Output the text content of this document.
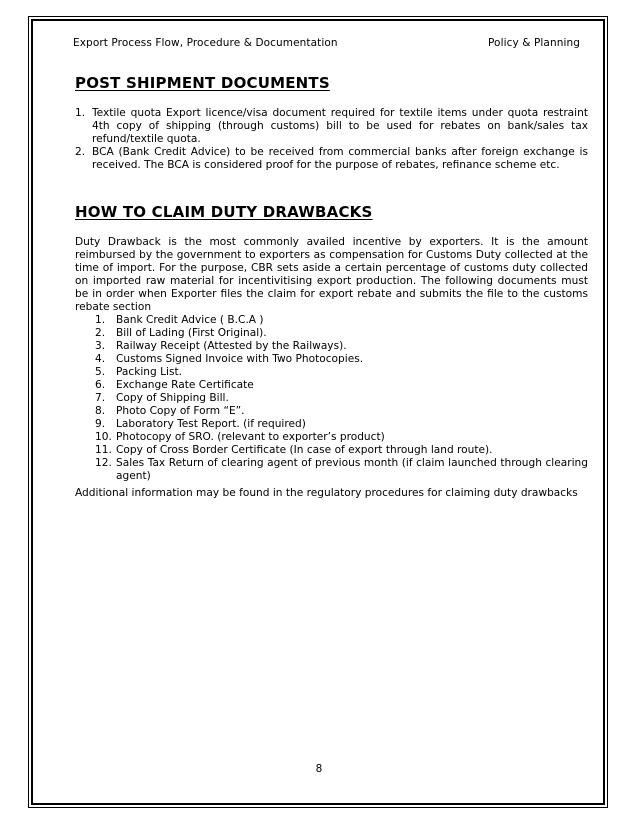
Export Process Flow, Procedure & Documentation	Policy & Planning
POST SHIPMENT DOCUMENTS
1. Textile quota Export licence/visa document required for textile items under quota restraint 4th copy of shipping (through customs) bill to be used for rebates on bank/sales tax refund/textile quota.
2. BCA (Bank Credit Advice) to be received from commercial banks after foreign exchange is received. The BCA is considered proof for the purpose of rebates, refinance scheme etc.
HOW TO CLAIM DUTY DRAWBACKS
Duty Drawback is the most commonly availed incentive by exporters. It is the amount reimbursed by the government to exporters as compensation for Customs Duty collected at the time of import. For the purpose, CBR sets aside a certain percentage of customs duty collected on imported raw material for incentivitising export production. The following documents must be in order when Exporter files the claim for export rebate and submits the file to the customs rebate section
1. Bank Credit Advice ( B.C.A )
2. Bill of Lading (First Original).
3. Railway Receipt (Attested by the Railways).
4. Customs Signed Invoice with Two Photocopies.
5. Packing List.
6. Exchange Rate Certificate
7. Copy of Shipping Bill.
8. Photo Copy of Form “E”.
9. Laboratory Test Report. (if required)
10. Photocopy of SRO. (relevant to exporter’s product)
11. Copy of Cross Border Certificate (In case of export through land route).
12. Sales Tax Return of clearing agent of previous month (if claim launched through clearing agent)
Additional information may be found in the regulatory procedures for claiming duty drawbacks
8
